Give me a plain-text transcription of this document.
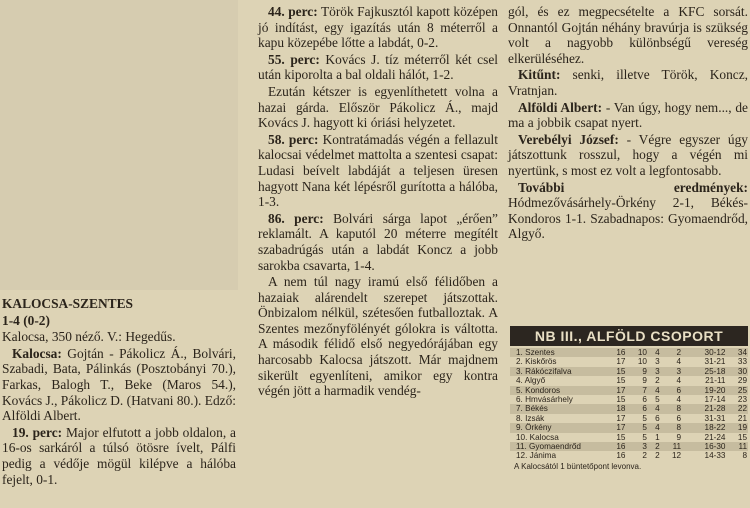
KALOCSA-SZENTES

1-4 (0-2)

Kalocsa, 350 néző. V.: Hegedűs.

Kalocsa: Gojtán - Pákolicz Á., Bolvári, Szabadi, Bata, Pálinkás (Posztobányi 70.), Farkas, Balogh T., Beke (Maros 54.), Kovács J., Pákolicz D. (Hatvani 80.). Edző: Alföldi Albert.

19. perc: Major elfutott a jobb oldalon, a 16-os sarkáról a túlsó ötösre ívelt, Pálfi pedig a védője mögül kilépve a hálóba fejelt, 0-1.

44. perc: Török Fajkusztól kapott középen jó indítást, egy igazítás után 8 méterről a kapu közepébe lőtte a labdát, 0-2.

55. perc: Kovács J. tíz méterről két csel után kiporolta a bal oldali hálót, 1-2.

Ezután kétszer is egyenlíthetett volna a hazai gárda. Először Pákolicz Á., majd Kovács J. hagyott ki óriási helyzetet.

58. perc: Kontratámadás végén a fellazult kalocsai védelmet mattolta a szentesi csapat: Ludasi beívelt labdáját a teljesen üresen hagyott Nana két lépésről gurította a hálóba, 1-3.

86. perc: Bolvári sárga lapot „érően” reklamált. A kaputól 20 méterre megítélt szabadrúgás után a labdát Koncz a jobb sarokba csavarta, 1-4.

A nem túl nagy iramú első félidőben a hazaiak alárendelt szerepet játszottak. Önbizalom nélkül, szétesően futballoztak. A Szentes mezőnyfölényét gólokra is váltotta. A második félidő első negyedórájában egy harcosabb Kalocsa játszott. Már majdnem sikerült egyenlíteni, amikor egy kontra végén jött a harmadik vendég-

gól, és ez megpecsételte a KFC sorsát. Onnantól Gojtán néhány bravúrja is szükség volt a nagyobb különbségű vereség elkerüléséhez.

Kitűnt: senki, illetve Török, Koncz, Vratnjan.

Alföldi Albert: - Van úgy, hogy nem..., de ma a jobbik csapat nyert.

Verebélyi József: - Végre egyszer úgy játszottunk rosszul, hogy a végén mi nyertünk, s most ez volt a legfontosabb.

További eredmények: Hódmezővásárhely-Örkény 2-1, Békés-Kondoros 1-1. Szabadnapos: Gyomaendrőd, Algyő.

NB III., ALFÖLD CSOPORT
1. Szentes	16	10	4	2	30-12	34
2. Kiskőrös	17	10	3	4	31-21	33
3. Rákóczifalva	15	9	3	3	25-18	30
4. Algyő	15	9	2	4	21-11	29
5. Kondoros	17	7	4	6	19-20	25
6. Hmvásárhely	15	6	5	4	17-14	23
7. Békés	18	6	4	8	21-28	22
8. Izsák	17	5	6	6	31-31	21
9. Örkény	17	5	4	8	18-22	19
10. Kalocsa	15	5	1	9	21-24	15
11. Gyomaendrőd	16	3	2	11	16-30	11
12. Jánima	16	2	2	12	14-33	8
A Kalocsától 1 büntetőpont levonva.
